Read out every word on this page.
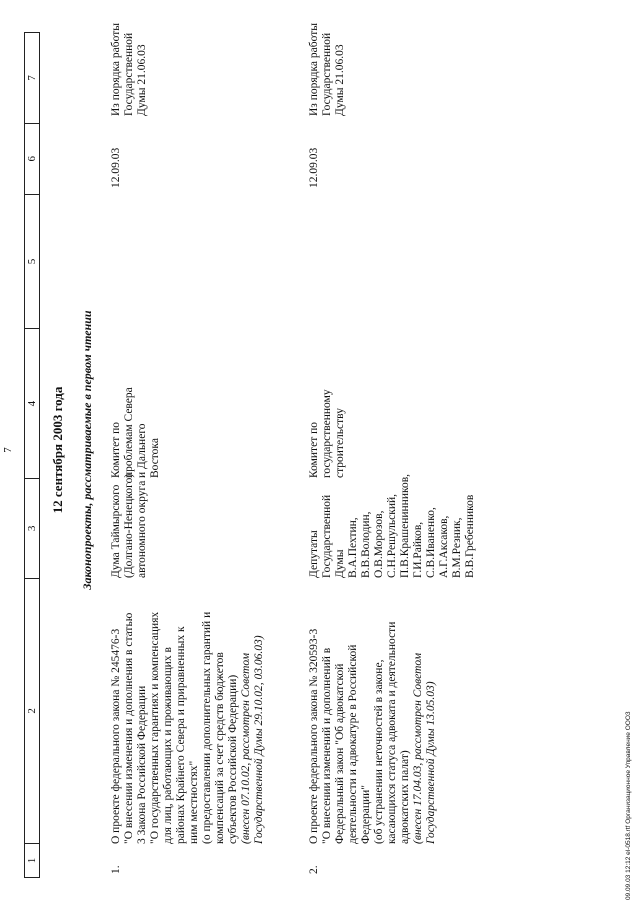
7
1
2
3
4
5
6
7
12 сентября 2003 года Законопроекты, рассматриваемые в первом чтении
1.
О проекте федерального закона № 245476-3 "О внесении изменения и дополнения в статью 3 Закона Российской Федерации "О государственных гарантиях и компенсациях для лиц, работающих и проживающих в районах Крайнего Севера и приравненных к ним местностях" (о предоставлении дополнительных гарантий и компенсаций за счет средств бюджетов субъектов Российской Федерации) (внесен 07.10.02, рассмотрен Советом Государственной Думы 29.10.02, 03.06.03)
Дума Таймырского (Долгано-Ненецкого) автономного округа
Комитет по проблемам Севера и Дальнего Востока
12.09.03
Из порядка работы Государственной Думы 21.06.03
2.
О проекте федерального закона № 320593-3 "О внесении изменений и дополнений в Федеральный закон "Об адвокатской деятельности и адвокатуре в Российской Федерации" (об устранении неточностей в законе, касающихся статуса адвоката и деятельности адвокатских палат) (внесен 17.04.03, рассмотрен Советом Государственной Думы 13.05.03)
Депутаты Государственной Думы В.А.Пехтин, В.В.Володин, О.В.Морозов, С.Н.Решульский, П.В.Крашенинников, Г.И.Райков, С.В.Иваненко, А.Г.Аксаков, В.М.Резник, В.В.Гребенников
Комитет по государственному строительству
12.09.03
Из порядка работы Государственной Думы 21.06.03
09.09.03 12:12 el-0518.rtf Организационное Управление ООО3
